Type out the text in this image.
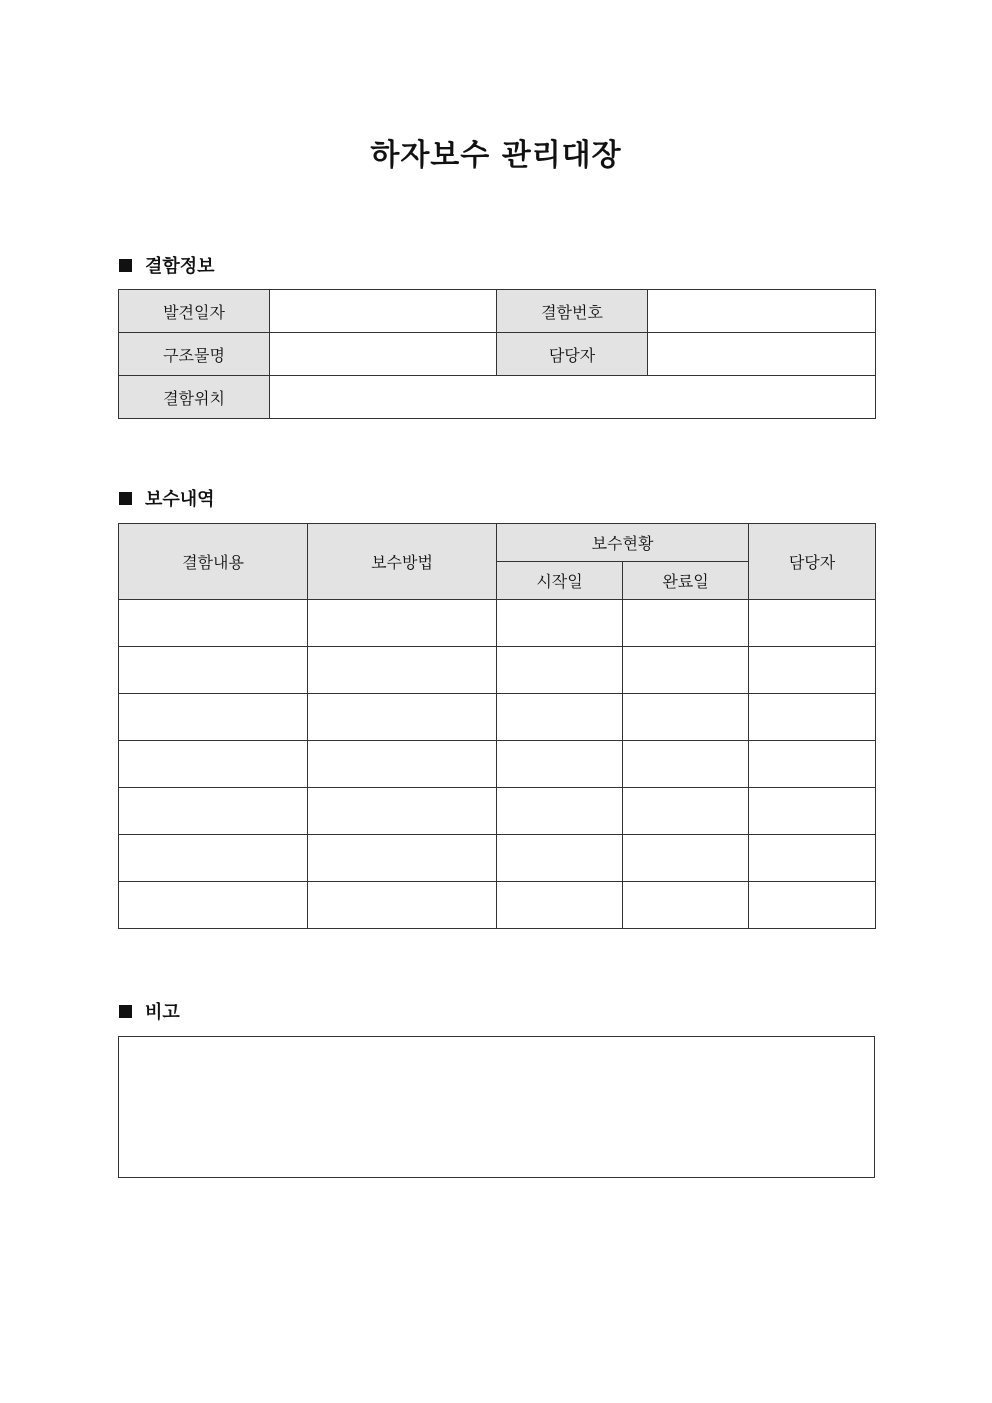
하자보수 관리대장
결함정보
발견일자		결함번호	
구조물명		담당자	
결함위치			
보수내역
결함내용	보수방법	보수현황		담당자
		시작일	완료일	

비고
